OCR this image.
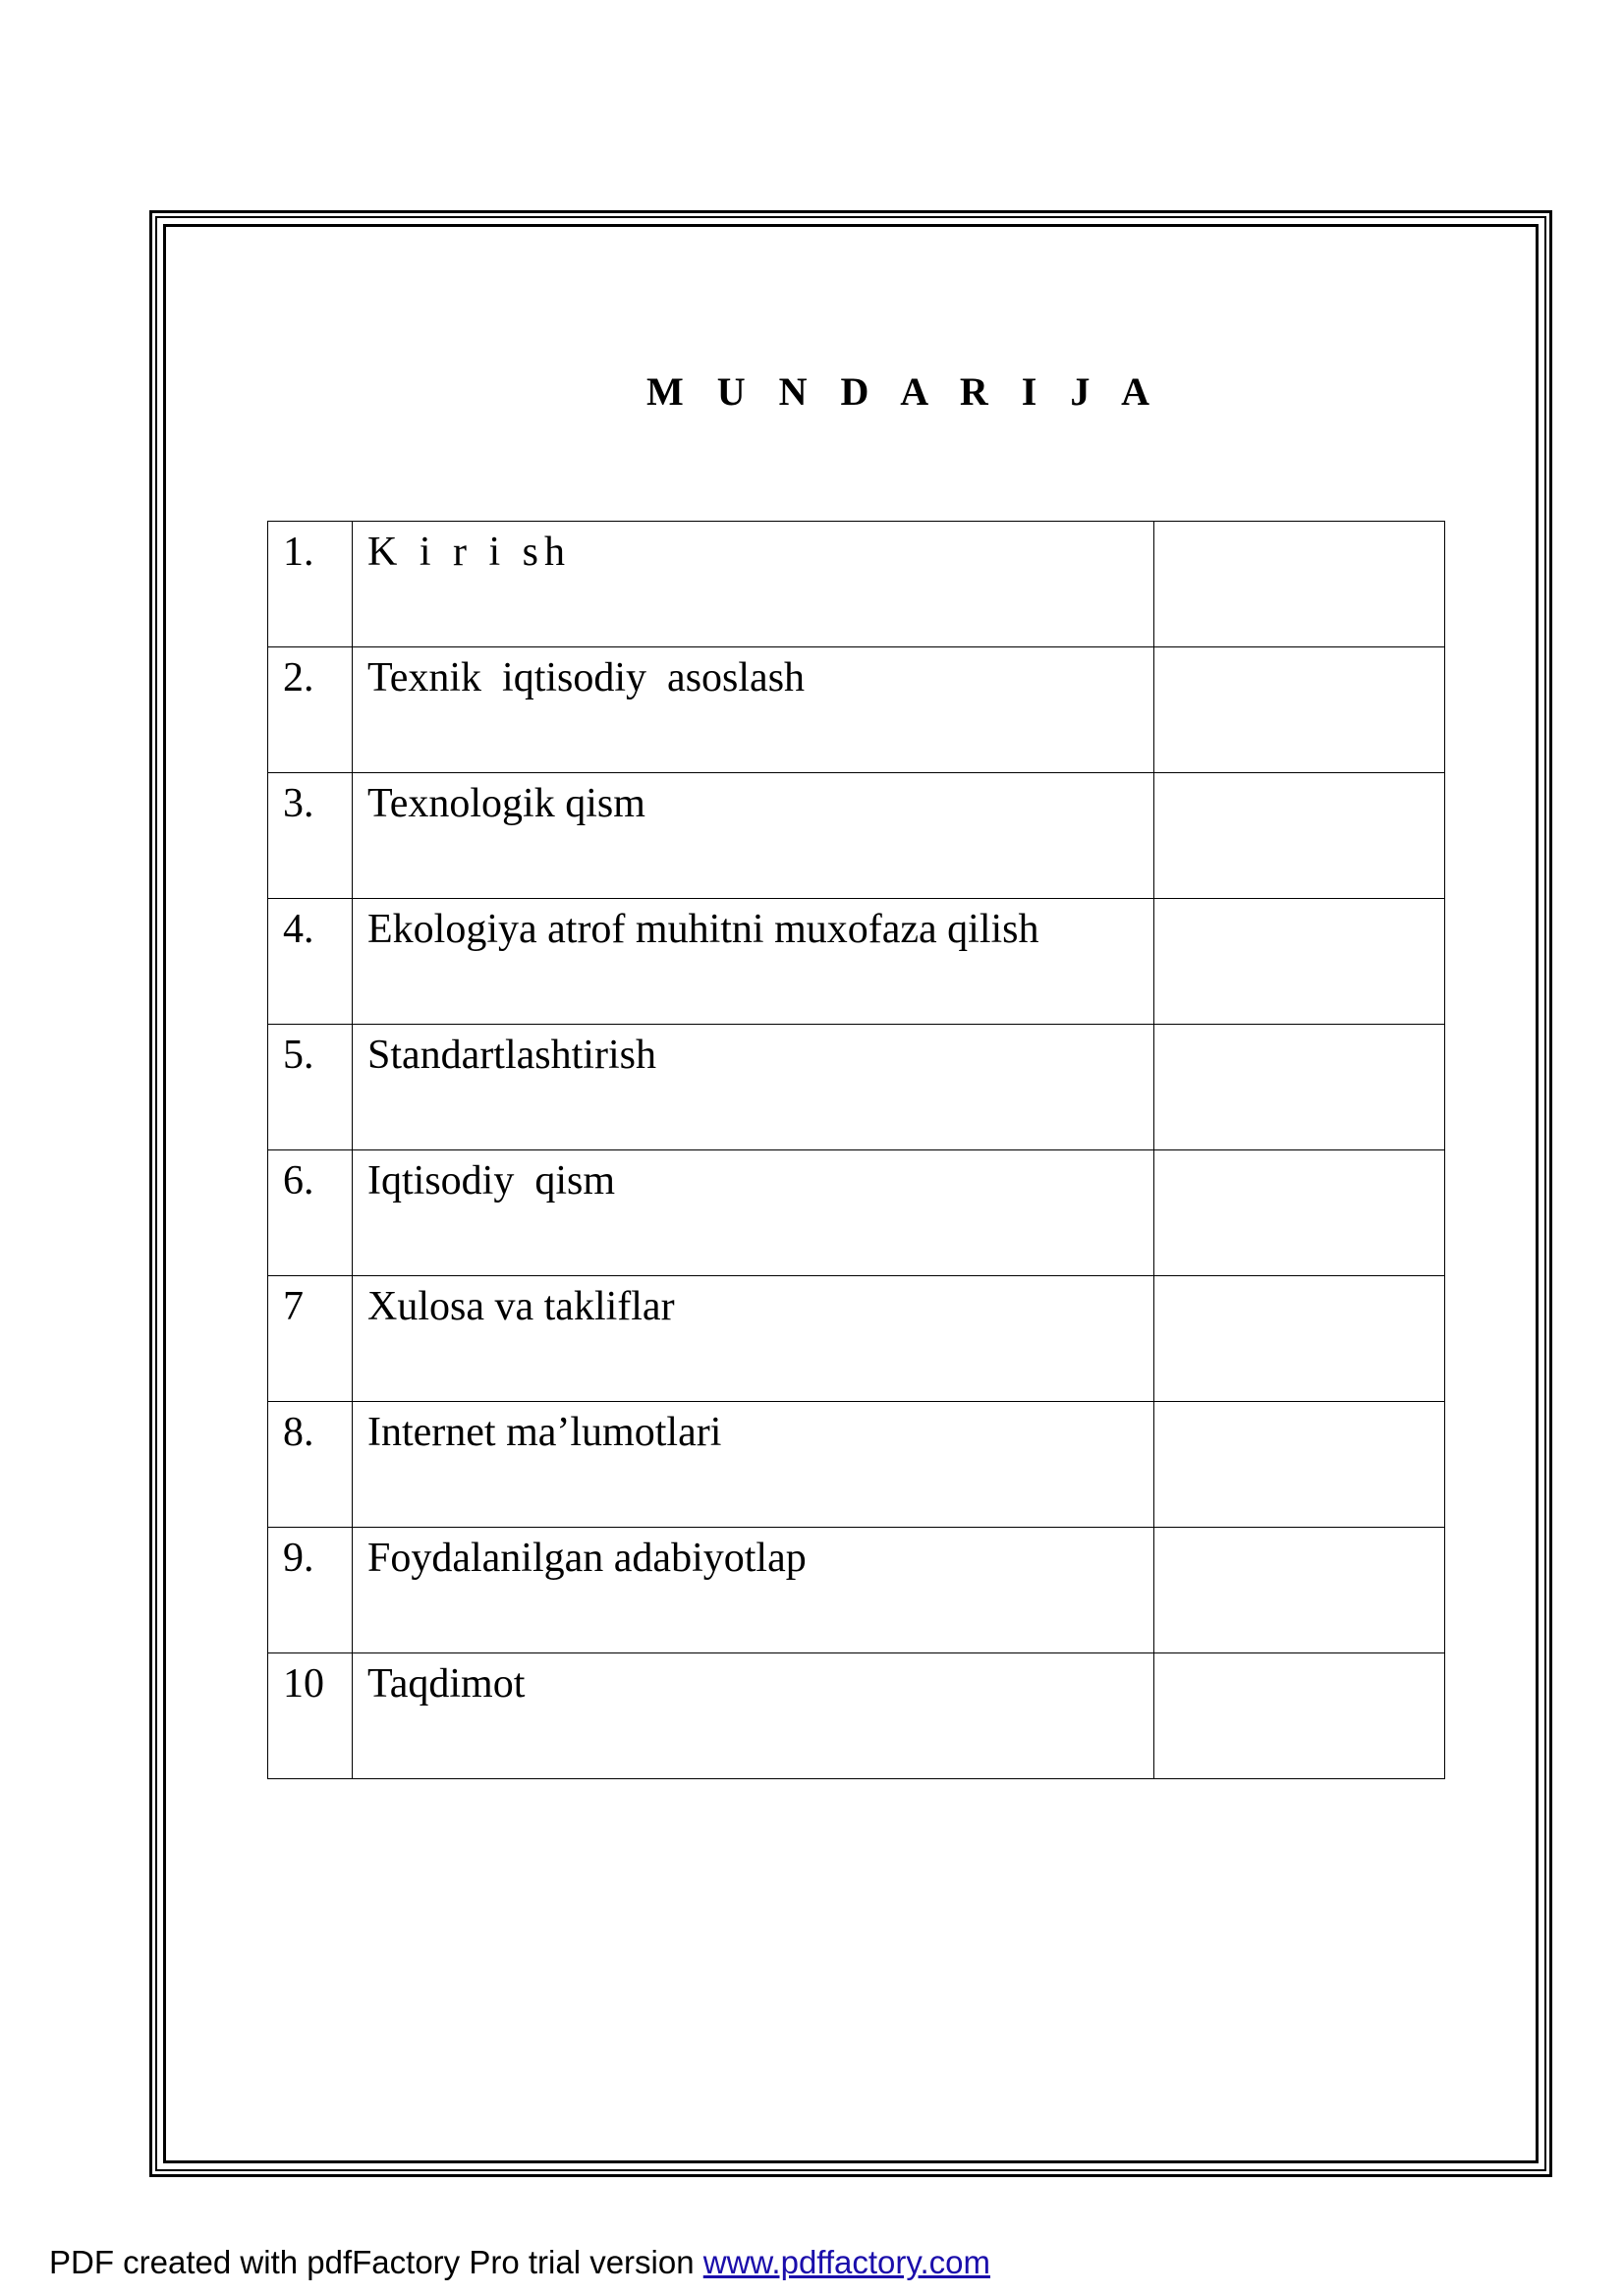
M U N D A R I J A
1.	K i r i sh	
2.	Texnik  iqtisodiy  asoslash	
3.	Texnologik qism	
4.	Ekologiya atrof muhitni muxofaza qilish	
5.	Standartlashtirish	
6.	Iqtisodiy  qism	
7	Xulosa va takliflar	
8.	Internet ma’lumotlari	
9.	Foydalanilgan adabiyotlap	
10	Taqdimot	
PDF created with pdfFactory Pro trial version www.pdffactory.com
